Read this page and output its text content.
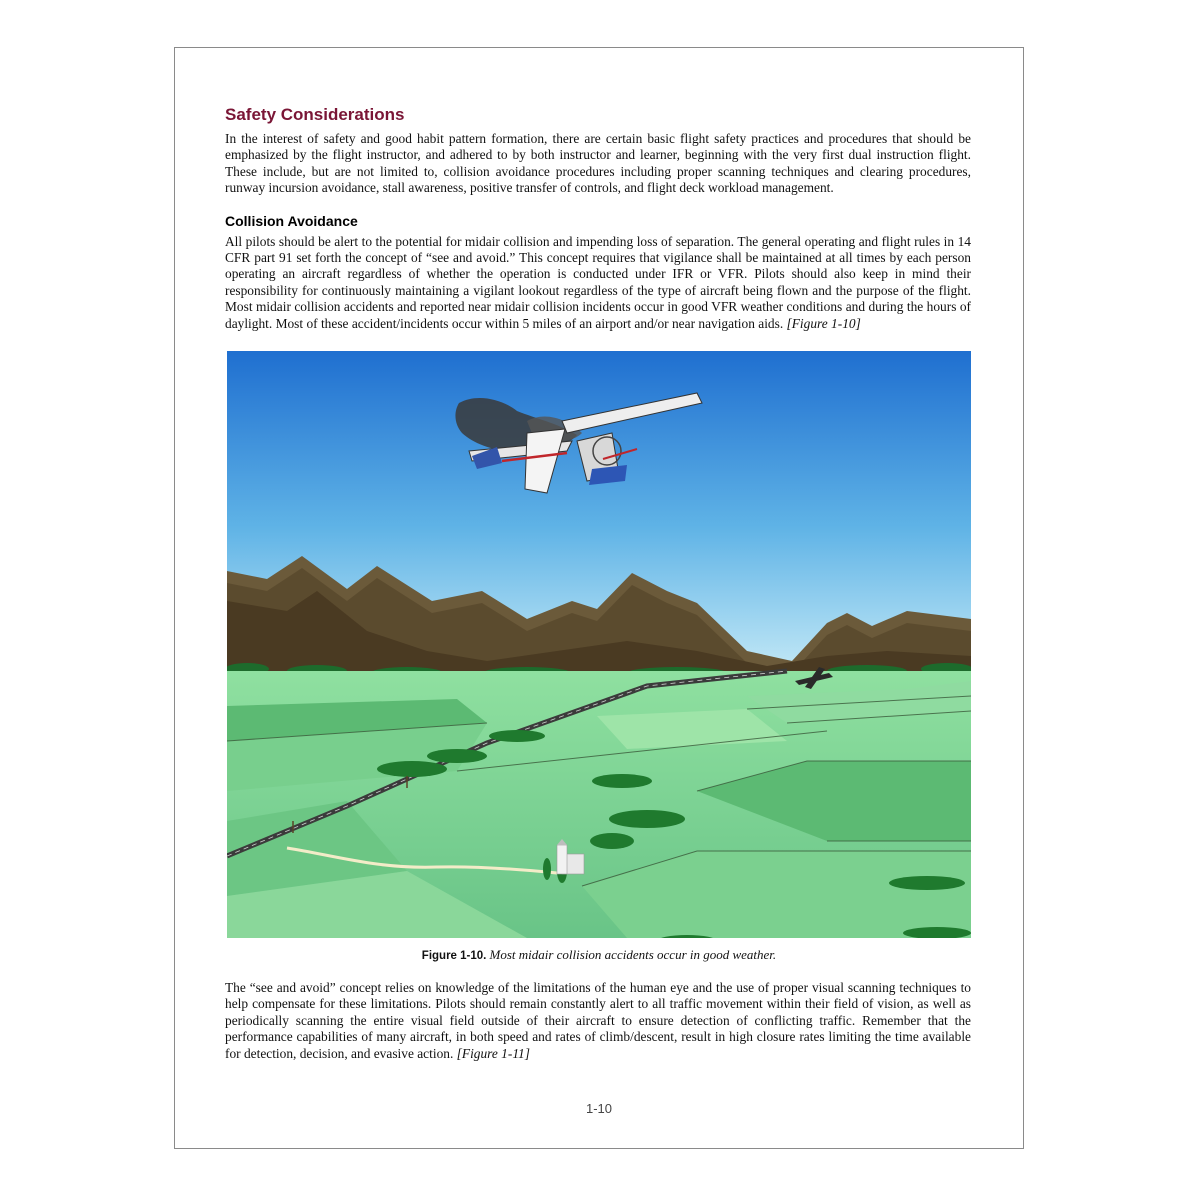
Safety Considerations

In the interest of safety and good habit pattern formation, there are certain basic flight safety practices and procedures that should be emphasized by the flight instructor, and adhered to by both instructor and learner, beginning with the very first dual instruction flight. These include, but are not limited to, collision avoidance procedures including proper scanning techniques and clearing procedures, runway incursion avoidance, stall awareness, positive transfer of controls, and flight deck workload management.

Collision Avoidance

All pilots should be alert to the potential for midair collision and impending loss of separation. The general operating and flight rules in 14 CFR part 91 set forth the concept of “see and avoid.” This concept requires that vigilance shall be maintained at all times by each person operating an aircraft regardless of whether the operation is conducted under IFR or VFR. Pilots should also keep in mind their responsibility for continuously maintaining a vigilant lookout regardless of the type of aircraft being flown and the purpose of the flight. Most midair collision accidents and reported near midair collision incidents occur in good VFR weather conditions and during the hours of daylight. Most of these accident/incidents occur within 5 miles of an airport and/or near navigation aids. [Figure 1-10]

Figure 1-10. Most midair collision accidents occur in good weather.

The “see and avoid” concept relies on knowledge of the limitations of the human eye and the use of proper visual scanning techniques to help compensate for these limitations. Pilots should remain constantly alert to all traffic movement within their field of vision, as well as periodically scanning the entire visual field outside of their aircraft to ensure detection of conflicting traffic. Remember that the performance capabilities of many aircraft, in both speed and rates of climb/descent, result in high closure rates limiting the time available for detection, decision, and evasive action. [Figure 1-11]

1-10
